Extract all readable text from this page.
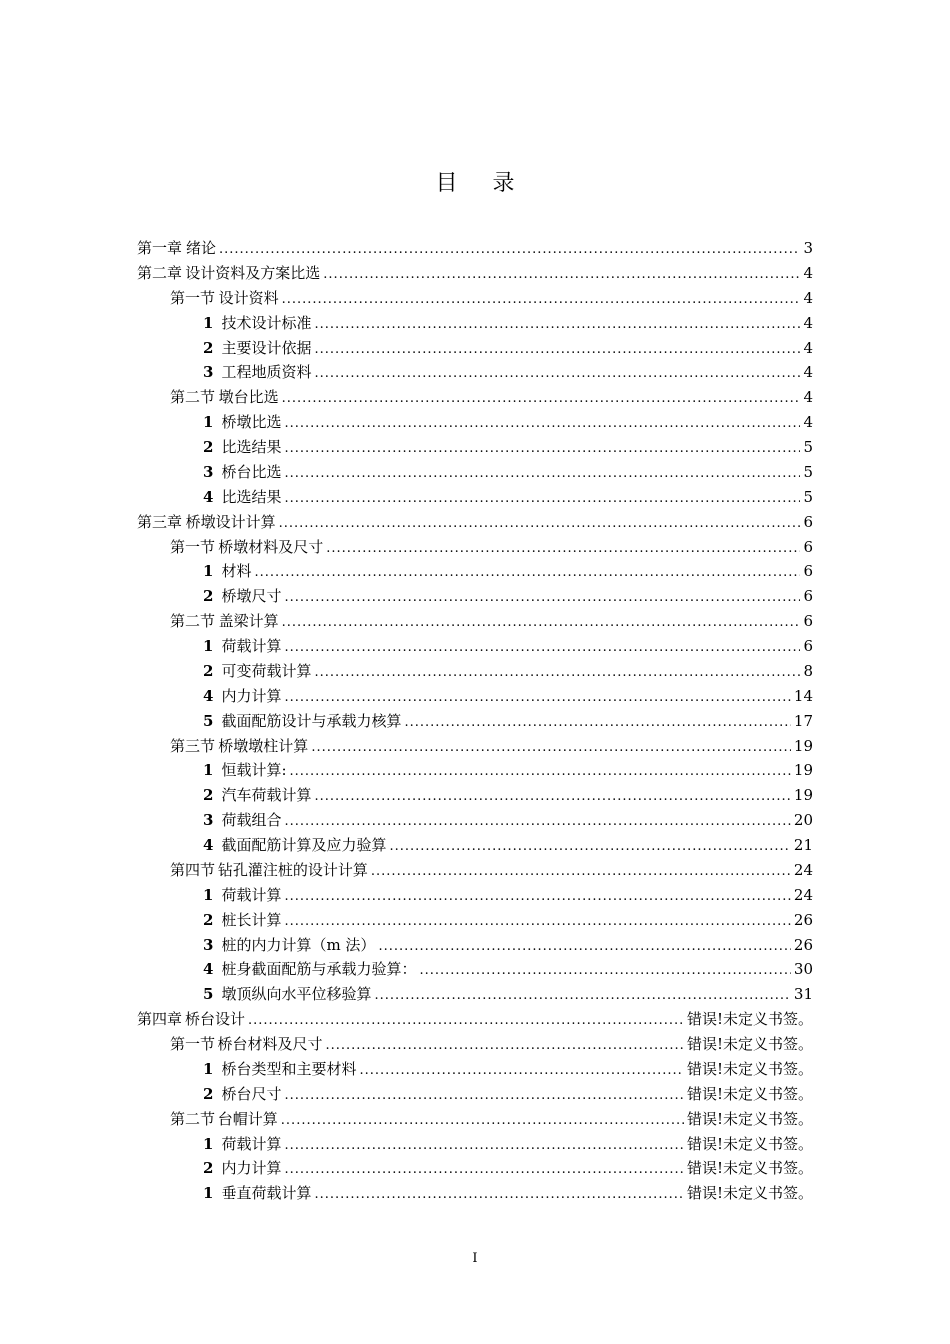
目 录
第一章 绪论 .....	3
第二章 设计资料及方案比选 .....	4
第一节 设计资料 .....	4
1 技术设计标准 .....	4
2 主要设计依据 .....	4
3 工程地质资料 .....	4
第二节 墩台比选 .....	4
1 桥墩比选 .....	4
2 比选结果 .....	5
3 桥台比选 .....	5
4 比选结果 .....	5
第三章 桥墩设计计算 .....	6
第一节 桥墩材料及尺寸 .....	6
1 材料 .....	6
2 桥墩尺寸 .....	6
第二节 盖梁计算 .....	6
1 荷载计算 .....	6
2 可变荷载计算 .....	8
4 内力计算 .....	14
5 截面配筋设计与承载力核算 .....	17
第三节 桥墩墩柱计算 .....	19
1 恒载计算: .....	19
2 汽车荷载计算 .....	19
3 荷载组合 .....	20
4 截面配筋计算及应力验算 .....	21
第四节 钻孔灌注桩的设计计算 .....	24
1 荷载计算 .....	24
2 桩长计算 .....	26
3 桩的内力计算（m 法） .....	26
4 桩身截面配筋与承载力验算： .....	30
5 墩顶纵向水平位移验算 .....	31
第四章 桥台设计 .....	错误!未定义书签。
第一节 桥台材料及尺寸 .....	错误!未定义书签。
1 桥台类型和主要材料 .....	错误!未定义书签。
2 桥台尺寸 .....	错误!未定义书签。
第二节 台帽计算 .....	错误!未定义书签。
1 荷载计算 .....	错误!未定义书签。
2 内力计算 .....	错误!未定义书签。
1 垂直荷载计算 .....	错误!未定义书签。
I
